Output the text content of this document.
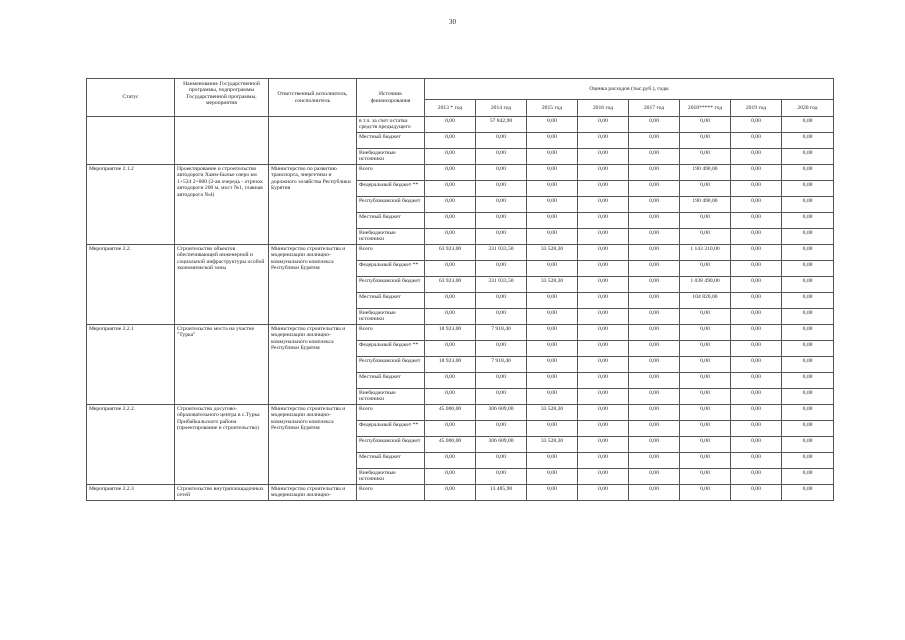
30
Статус	Наименование Государственной программы, подпрограммы Государственной программы, мероприятия	Ответственный исполнитель, соисполнитель	Источник финансирования	Оценка расходов (тыс.руб.), годы							
				2013 * год	2014 год	2015 год	2016 год	2017 год	2018***** год	2019 год	2020 год
			в т.ч. за счет остатка средств предыдущего	0,00	57 842,90	0,00	0,00	0,00	0,00	0,00	0,00
			Местный бюджет	0,00	0,00	0,00	0,00	0,00	0,00	0,00	0,00
			Внебюджетные источники	0,00	0,00	0,00	0,00	0,00	0,00	0,00	0,00
Мероприятие 2.1.2	Проектирование и строительство автодороги Хаим-Бычье озеро км 1+534 2+800 (2-ая очередь - отрезок автодороги 200 м, мост №1, главная автодорога №4)	Министерство по развитию транспорта, энергетики и дорожного хозяйства Республики Бурятия	Всего	0,00	0,00	0,00	0,00	0,00	190 490,00	0,00	0,00
			Федеральный бюджет **	0,00	0,00	0,00	0,00	0,00	0,00	0,00	0,00
			Республиканский бюджет	0,00	0,00	0,00	0,00	0,00	190 490,00	0,00	0,00
			Местный бюджет	0,00	0,00	0,00	0,00	0,00	0,00	0,00	0,00
			Внебюджетные источники	0,00	0,00	0,00	0,00	0,00	0,00	0,00	0,00
Мероприятие 2.2.	Строительство объектов обеспечивающей инженерной и социальной инфраструктуры особой экономической зоны	Министерство строительства и модернизации жилищно-коммунального комплекса Республики Бурятия	Всего	63 923,00	331 033,50	33 528,30	0,00	0,00	1 143 310,00	0,00	0,00
			Федеральный бюджет **	0,00	0,00	0,00	0,00	0,00	0,00	0,00	0,00
			Республиканский бюджет	63 923,00	331 033,50	33 528,30	0,00	0,00	1 038 490,00	0,00	0,00
			Местный бюджет	0,00	0,00	0,00	0,00	0,00	104 820,00	0,00	0,00
			Внебюджетные источники	0,00	0,00	0,00	0,00	0,00	0,00	0,00	0,00
Мероприятие 2.2.1	Строительство моста на участке "Турка"	Министерство строительства и модернизации жилищно-коммунального комплекса Республики Бурятия	Всего	18 923,00	7 918,40	0,00	0,00	0,00	0,00	0,00	0,00
			Федеральный бюджет **	0,00	0,00	0,00	0,00	0,00	0,00	0,00	0,00
			Республиканский бюджет	18 923,00	7 918,40	0,00	0,00	0,00	0,00	0,00	0,00
			Местный бюджет	0,00	0,00	0,00	0,00	0,00	0,00	0,00	0,00
			Внебюджетные источники	0,00	0,00	0,00	0,00	0,00	0,00	0,00	0,00
Мероприятие 2.2.2.	Строительство досугово-образовательного центра в с.Турка Прибайкальского района (проектирование и строительство)	Министерство строительства и модернизации жилищно-коммунального комплекса Республики Бурятия	Всего	45 000,00	306 609,00	33 528,30	0,00	0,00	0,00	0,00	0,00
			Федеральный бюджет **	0,00	0,00	0,00	0,00	0,00	0,00	0,00	0,00
			Республиканский бюджет	45 000,00	306 609,00	33 528,30	0,00	0,00	0,00	0,00	0,00
			Местный бюджет	0,00	0,00	0,00	0,00	0,00	0,00	0,00	0,00
			Внебюджетные источники	0,00	0,00	0,00	0,00	0,00	0,00	0,00	0,00
Мероприятие 2.2.3	Строительство внутриплощадочных сетей	Министерство строительства и модернизации жилищно-	Всего	0,00	13 485,90	0,00	0,00	0,00	0,00	0,00	0,00
